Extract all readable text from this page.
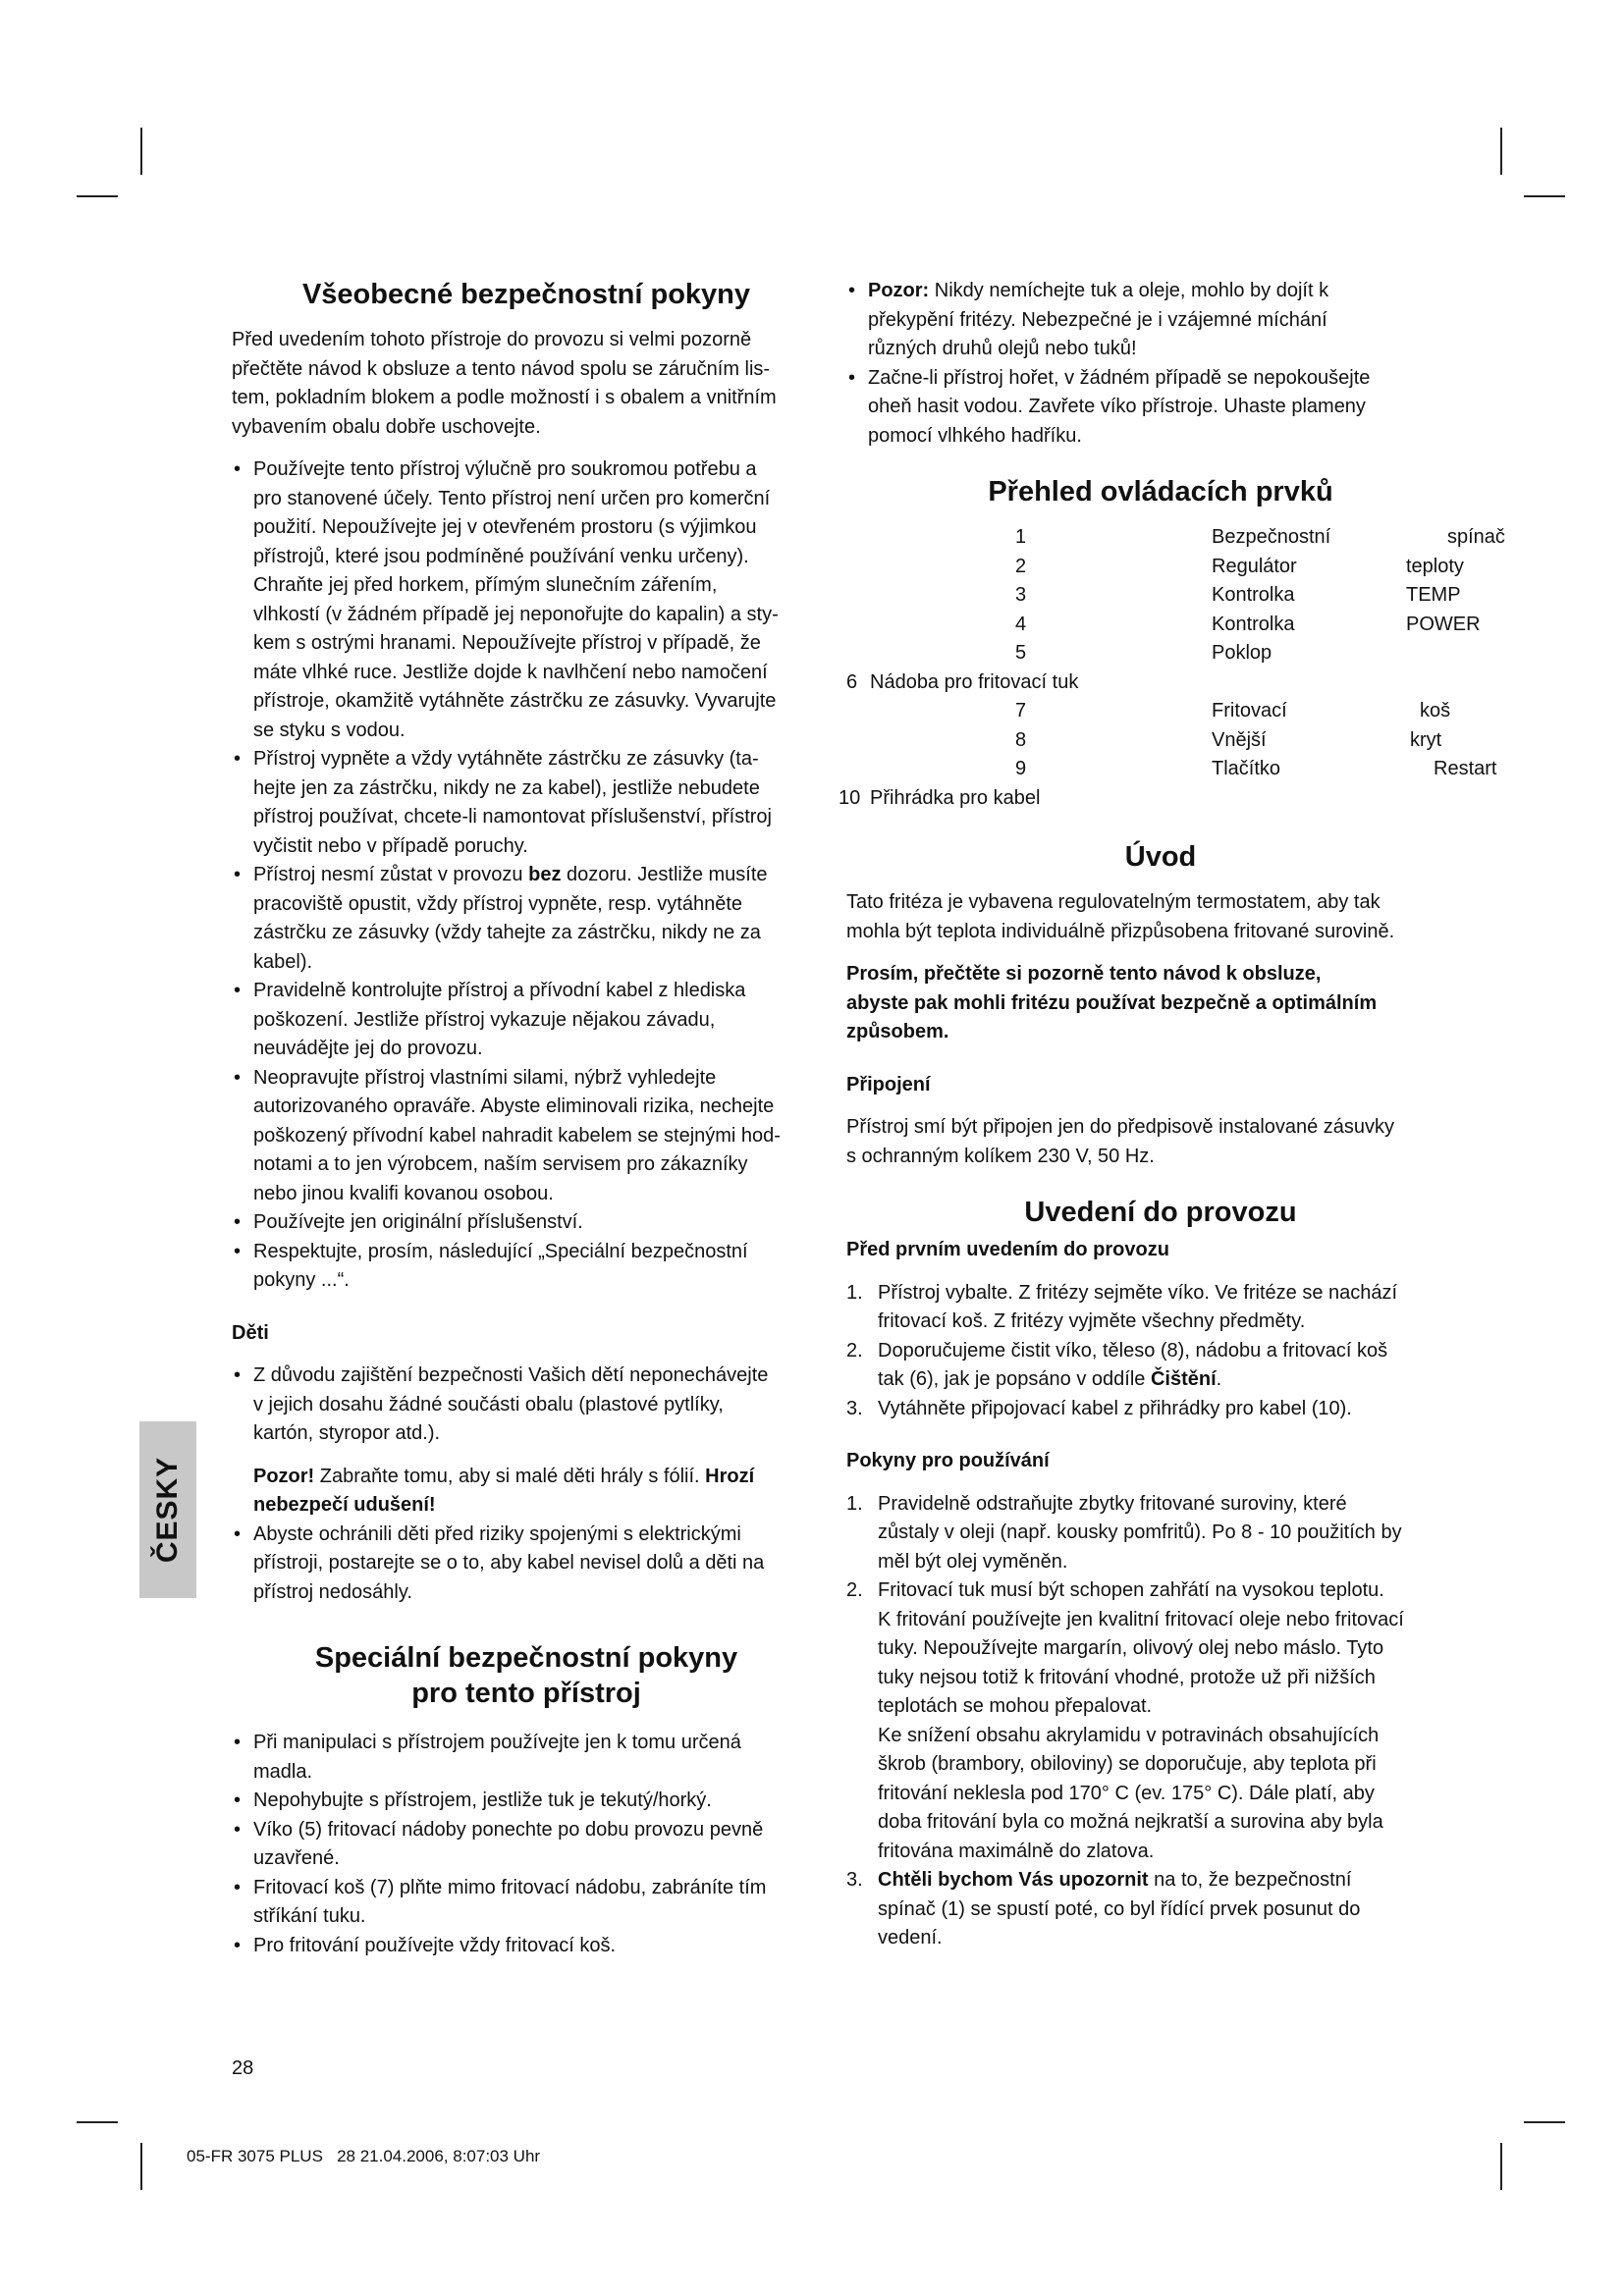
ČESKY
Všeobecné bezpečnostní pokyny

Před uvedením tohoto přístroje do provozu si velmi pozorně
přečtěte návod k obsluze a tento návod spolu se záručním lis-
tem, pokladním blokem a podle možností i s obalem a vnitřním
vybavením obalu dobře uschovejte.

• Používejte tento přístroj výlučně pro soukromou potřebu a
pro stanovené účely. Tento přístroj není určen pro komerční
použití. Nepoužívejte jej v otevřeném prostoru (s výjimkou
přístrojů, které jsou podmíněné používání venku určeny).
Chraňte jej před horkem, přímým slunečním zářením,
vlhkostí (v žádném případě jej neponořujte do kapalin) a sty-
kem s ostrými hranami. Nepoužívejte přístroj v případě, že
máte vlhké ruce. Jestliže dojde k navlhčení nebo namočení
přístroje, okamžitě vytáhněte zástrčku ze zásuvky. Vyvarujte
se styku s vodou.
• Přístroj vypněte a vždy vytáhněte zástrčku ze zásuvky (ta-
hejte jen za zástrčku, nikdy ne za kabel), jestliže nebudete
přístroj používat, chcete-li namontovat příslušenství, přístroj
vyčistit nebo v případě poruchy.
• Přístroj nesmí zůstat v provozu bez dozoru. Jestliže musíte
pracoviště opustit, vždy přístroj vypněte, resp. vytáhněte
zástrčku ze zásuvky (vždy tahejte za zástrčku, nikdy ne za
kabel).
• Pravidelně kontrolujte přístroj a přívodní kabel z hlediska
poškození. Jestliže přístroj vykazuje nějakou závadu,
neuvádějte jej do provozu.
• Neopravujte přístroj vlastními silami, nýbrž vyhledejte
autorizovaného opraváře. Abyste eliminovali rizika, nechejte
poškozený přívodní kabel nahradit kabelem se stejnými hod-
notami a to jen výrobcem, naším servisem pro zákazníky
nebo jinou kvalifi kovanou osobou.
• Používejte jen originální příslušenství.
• Respektujte, prosím, následující „Speciální bezpečnostní
pokyny ...“.
Děti
• Z důvodu zajištění bezpečnosti Vašich dětí neponechávejte
v jejich dosahu žádné součásti obalu (plastové pytlíky,
kartón, styropor atd.).

Pozor! Zabraňte tomu, aby si malé děti hrály s fólií. Hrozí
nebezpečí udušení!

• Abyste ochránili děti před riziky spojenými s elektrickými
přístroji, postarejte se o to, aby kabel nevisel dolů a děti na
přístroj nedosáhly.
Speciální bezpečnostní pokyny
pro tento přístroj
• Při manipulaci s přístrojem používejte jen k tomu určená
madla.
• Nepohybujte s přístrojem, jestliže tuk je tekutý/horký.
• Víko (5) fritovací nádoby ponechte po dobu provozu pevně
uzavřené.
• Fritovací koš (7) plňte mimo fritovací nádobu, zabráníte tím
stříkání tuku.
• Pro fritování používejte vždy fritovací koš.
• Pozor: Nikdy nemíchejte tuk a oleje, mohlo by dojít k
překypění fritézy. Nebezpečné je i vzájemné míchání
různých druhů olejů nebo tuků!
• Začne-li přístroj hořet, v žádném případě se nepokoušejte
oheň hasit vodou. Zavřete víko přístroje. Uhaste plameny
pomocí vlhkého hadříku.
Přehled ovládacích prvků
1	Bezpečnostní	spínač
2	Regulátor	teploty
3	Kontrolka	TEMP
4	Kontrolka	POWER
5	Poklop
6 Nádoba pro fritovací tuk
7	Fritovací	koš
8	Vnější	kryt
9	Tlačítko	Restart
10 Přihrádka pro kabel
Úvod

Tato fritéza je vybavena regulovatelným termostatem, aby tak
mohla být teplota individuálně přizpůsobena fritované surovině.

Prosím, přečtěte si pozorně tento návod k obsluze,
abyste pak mohli fritézu používat bezpečně a optimálním
způsobem.

Připojení

Přístroj smí být připojen jen do předpisově instalované zásuvky
s ochranným kolíkem 230 V, 50 Hz.

Uvedení do provozu
Před prvním uvedením do provozu
1. Přístroj vybalte. Z fritézy sejměte víko. Ve fritéze se nachází
fritovací koš. Z fritézy vyjměte všechny předměty.
2. Doporučujeme čistit víko, těleso (8), nádobu a fritovací koš
tak (6), jak je popsáno v oddíle Čištění.
3. Vytáhněte připojovací kabel z přihrádky pro kabel (10).
Pokyny pro používání
1. Pravidelně odstraňujte zbytky fritované suroviny, které
zůstaly v oleji (např. kousky pomfritů). Po 8 - 10 použitích by
měl být olej vyměněn.
2. Fritovací tuk musí být schopen zahřátí na vysokou teplotu.
K fritování používejte jen kvalitní fritovací oleje nebo fritovací
tuky. Nepoužívejte margarín, olivový olej nebo máslo. Tyto
tuky nejsou totiž k fritování vhodné, protože už při nižších
teplotách se mohou přepalovat.
Ke snížení obsahu akrylamidu v potravinách obsahujících
škrob (brambory, obiloviny) se doporučuje, aby teplota při
fritování neklesla pod 170° C (ev. 175° C). Dále platí, aby
doba fritování byla co možná nejkratší a surovina aby byla
fritována maximálně do zlatova.
3. Chtěli bychom Vás upozornit na to, že bezpečnostní
spínač (1) se spustí poté, co byl řídící prvek posunut do
vedení.
28
05-FR 3075 PLUS   28 21.04.2006, 8:07:03 Uhr
